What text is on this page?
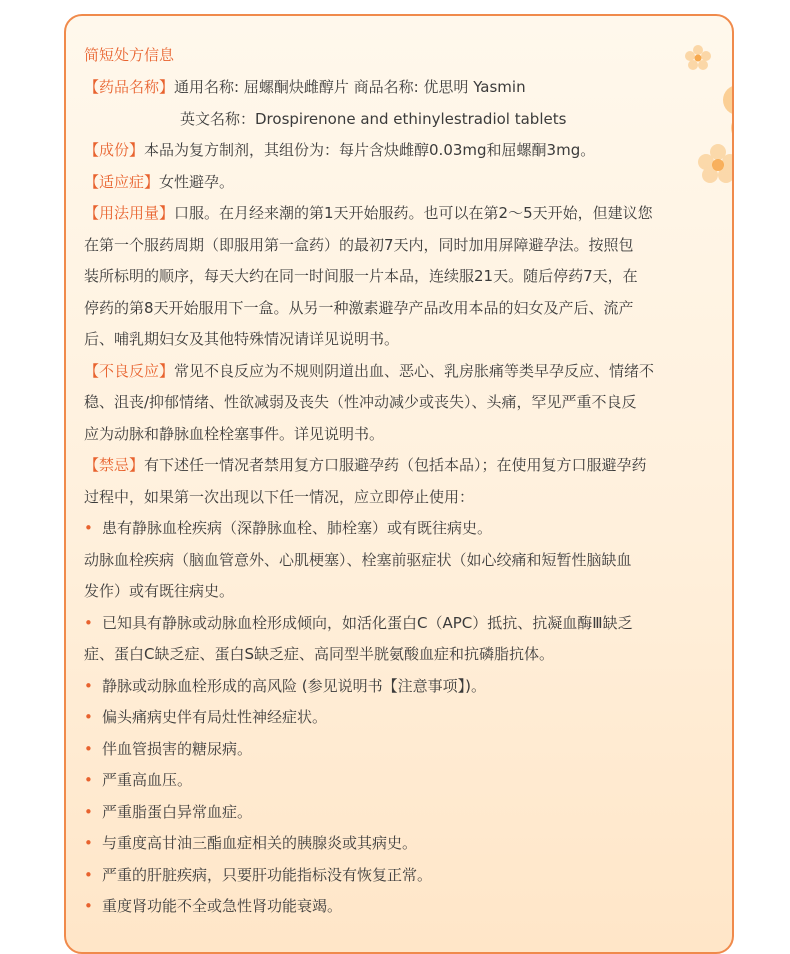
简短处方信息
【药品名称】通用名称: 屈螺酮炔雌醇片 商品名称: 优思明 Yasmin
英文名称：Drospirenone and ethinylestradiol tablets
【成份】本品为复方制剂，其组份为：每片含炔雌醇0.03mg和屈螺酮3mg。
【适应症】女性避孕。
【用法用量】口服。在月经来潮的第1天开始服药。也可以在第2～5天开始，但建议您
在第一个服药周期（即服用第一盒药）的最初7天内，同时加用屏障避孕法。按照包
装所标明的顺序，每天大约在同一时间服一片本品，连续服21天。随后停药7天，在
停药的第8天开始服用下一盒。从另一种激素避孕产品改用本品的妇女及产后、流产
后、哺乳期妇女及其他特殊情况请详见说明书。
【不良反应】常见不良反应为不规则阴道出血、恶心、乳房胀痛等类早孕反应、情绪不
稳、沮丧/抑郁情绪、性欲减弱及丧失（性冲动减少或丧失）、头痛，罕见严重不良反
应为动脉和静脉血栓栓塞事件。详见说明书。
【禁忌】有下述任一情况者禁用复方口服避孕药（包括本品）；在使用复方口服避孕药
过程中，如果第一次出现以下任一情况，应立即停止使用：
• 患有静脉血栓疾病（深静脉血栓、肺栓塞）或有既往病史。
动脉血栓疾病（脑血管意外、心肌梗塞）、栓塞前驱症状（如心绞痛和短暂性脑缺血
发作）或有既往病史。
• 已知具有静脉或动脉血栓形成倾向，如活化蛋白C（APC）抵抗、抗凝血酶Ⅲ缺乏
症、蛋白C缺乏症、蛋白S缺乏症、高同型半胱氨酸血症和抗磷脂抗体。
• 静脉或动脉血栓形成的高风险 (参见说明书【注意事项】)。
• 偏头痛病史伴有局灶性神经症状。
• 伴血管损害的糖尿病。
• 严重高血压。
• 严重脂蛋白异常血症。
• 与重度高甘油三酯血症相关的胰腺炎或其病史。
• 严重的肝脏疾病，只要肝功能指标没有恢复正常。
• 重度肾功能不全或急性肾功能衰竭。
